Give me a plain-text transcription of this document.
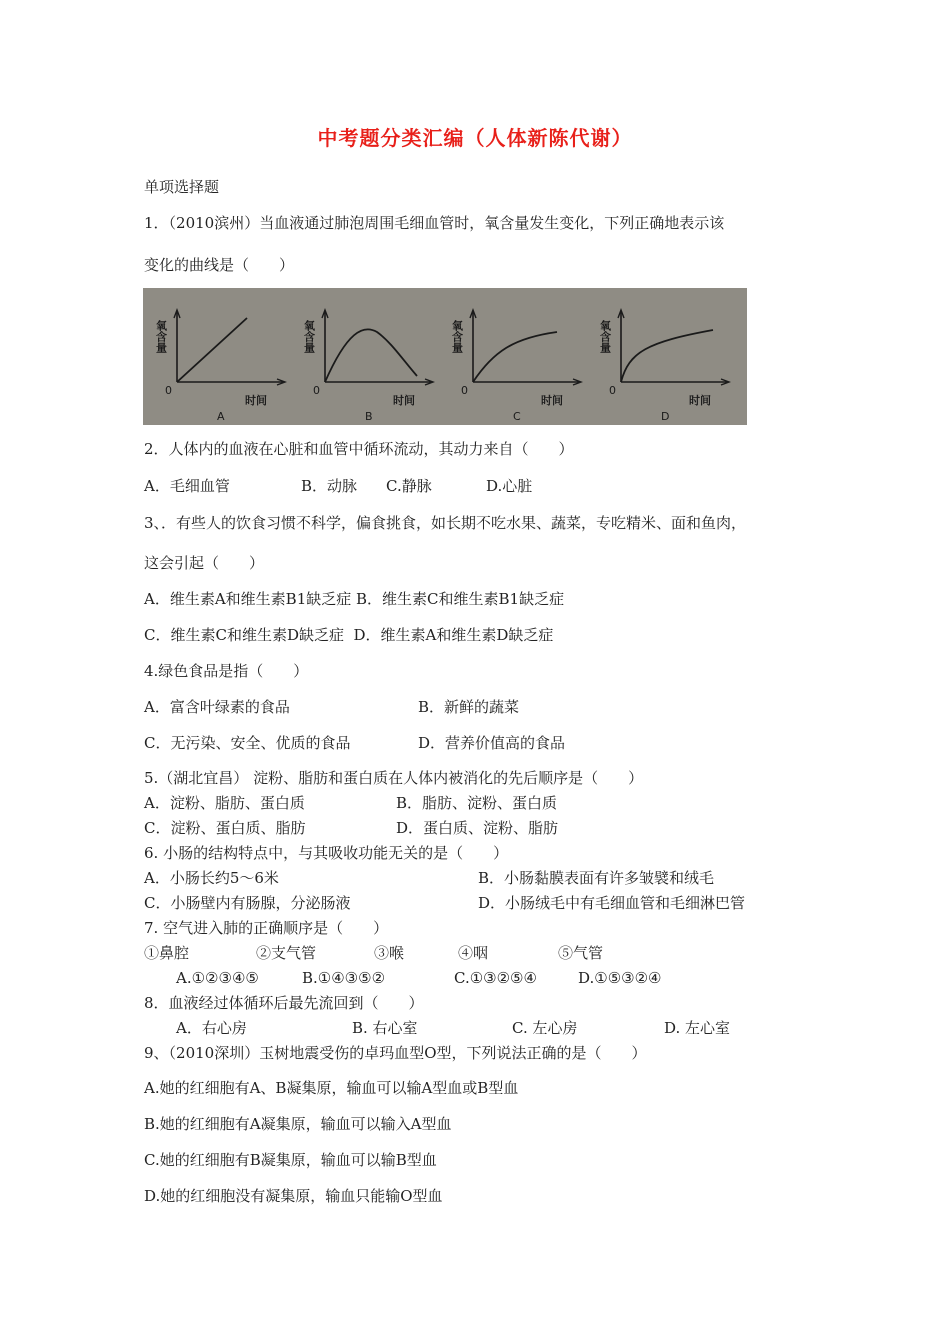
中考题分类汇编（人体新陈代谢）
单项选择题
1．（2010滨州）当血液通过肺泡周围毛细血管时，氧含量发生变化，下列正确地表示该
变化的曲线是（　　）
氧含量
0
时间
A
氧含量
0
时间
B
氧含量
0
时间
C
氧含量
0
时间
D
2．人体内的血液在心脏和血管中循环流动，其动力来自（　　）
A．毛细血管	B．动脉 C.静脉	D.心脏
3、．有些人的饮食习惯不科学，偏食挑食，如长期不吃水果、蔬菜，专吃精米、面和鱼肉，
这会引起（　　）
A．维生素A和维生素B1缺乏症 B．维生素C和维生素B1缺乏症
C．维生素C和维生素D缺乏症  D．维生素A和维生素D缺乏症
4.绿色食品是指（　　）
A．富含叶绿素的食品	B．新鲜的蔬菜
C．无污染、安全、优质的食品	D．营养价值高的食品
5.（湖北宜昌） 淀粉、脂肪和蛋白质在人体内被消化的先后顺序是（　　）
A．淀粉、脂肪、蛋白质	B．脂肪、淀粉、蛋白质
C．淀粉、蛋白质、脂肪	D．蛋白质、淀粉、脂肪
6. 小肠的结构特点中，与其吸收功能无关的是（　　）
A．小肠长约5～6米	B．小肠黏膜表面有许多皱襞和绒毛
C．小肠壁内有肠腺，分泌肠液	D．小肠绒毛中有毛细血管和毛细淋巴管
7. 空气进入肺的正确顺序是（　　）
①鼻腔	②支气管	③喉	④咽	⑤气管
A.①②③④⑤	B.①④③⑤②	C.①③②⑤④	D.①⑤③②④
8．血液经过体循环后最先流回到（　　）
A．右心房	B. 右心室	C. 左心房	D. 左心室
9、（2010深圳）玉树地震受伤的卓玛血型O型，下列说法正确的是（　　）
A.她的红细胞有A、B凝集原，输血可以输A型血或B型血
B.她的红细胞有A凝集原，输血可以输入A型血
C.她的红细胞有B凝集原，输血可以输B型血
D.她的红细胞没有凝集原，输血只能输O型血
